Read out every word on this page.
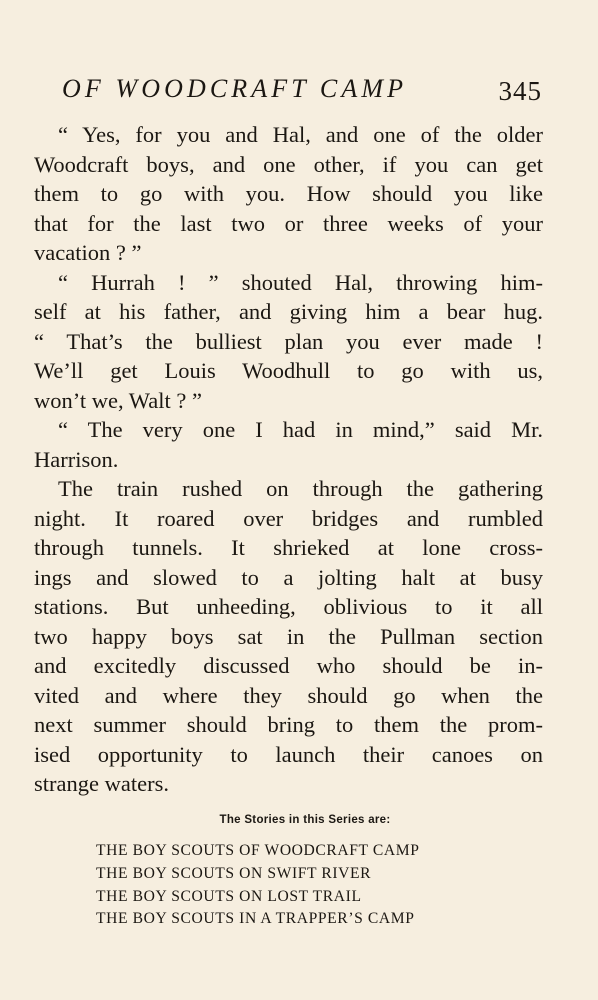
OF WOODCRAFT CAMP	345
“ Yes, for you and Hal, and one of the older
Woodcraft boys, and one other, if you can get
them to go with you. How should you like
that for the last two or three weeks of your
vacation ? ”
“ Hurrah ! ” shouted Hal, throwing him-
self at his father, and giving him a bear hug.
“ That’s the bulliest plan you ever made !
We’ll get Louis Woodhull to go with us,
won’t we, Walt ? ”
“ The very one I had in mind,” said Mr.
Harrison.
The train rushed on through the gathering
night. It roared over bridges and rumbled
through tunnels. It shrieked at lone cross-
ings and slowed to a jolting halt at busy
stations. But unheeding, oblivious to it all
two happy boys sat in the Pullman section
and excitedly discussed who should be in-
vited and where they should go when the
next summer should bring to them the prom-
ised opportunity to launch their canoes on
strange waters.
The Stories in this Series are:
THE BOY SCOUTS OF WOODCRAFT CAMP
THE BOY SCOUTS ON SWIFT RIVER
THE BOY SCOUTS ON LOST TRAIL
THE BOY SCOUTS IN A TRAPPER’S CAMP
